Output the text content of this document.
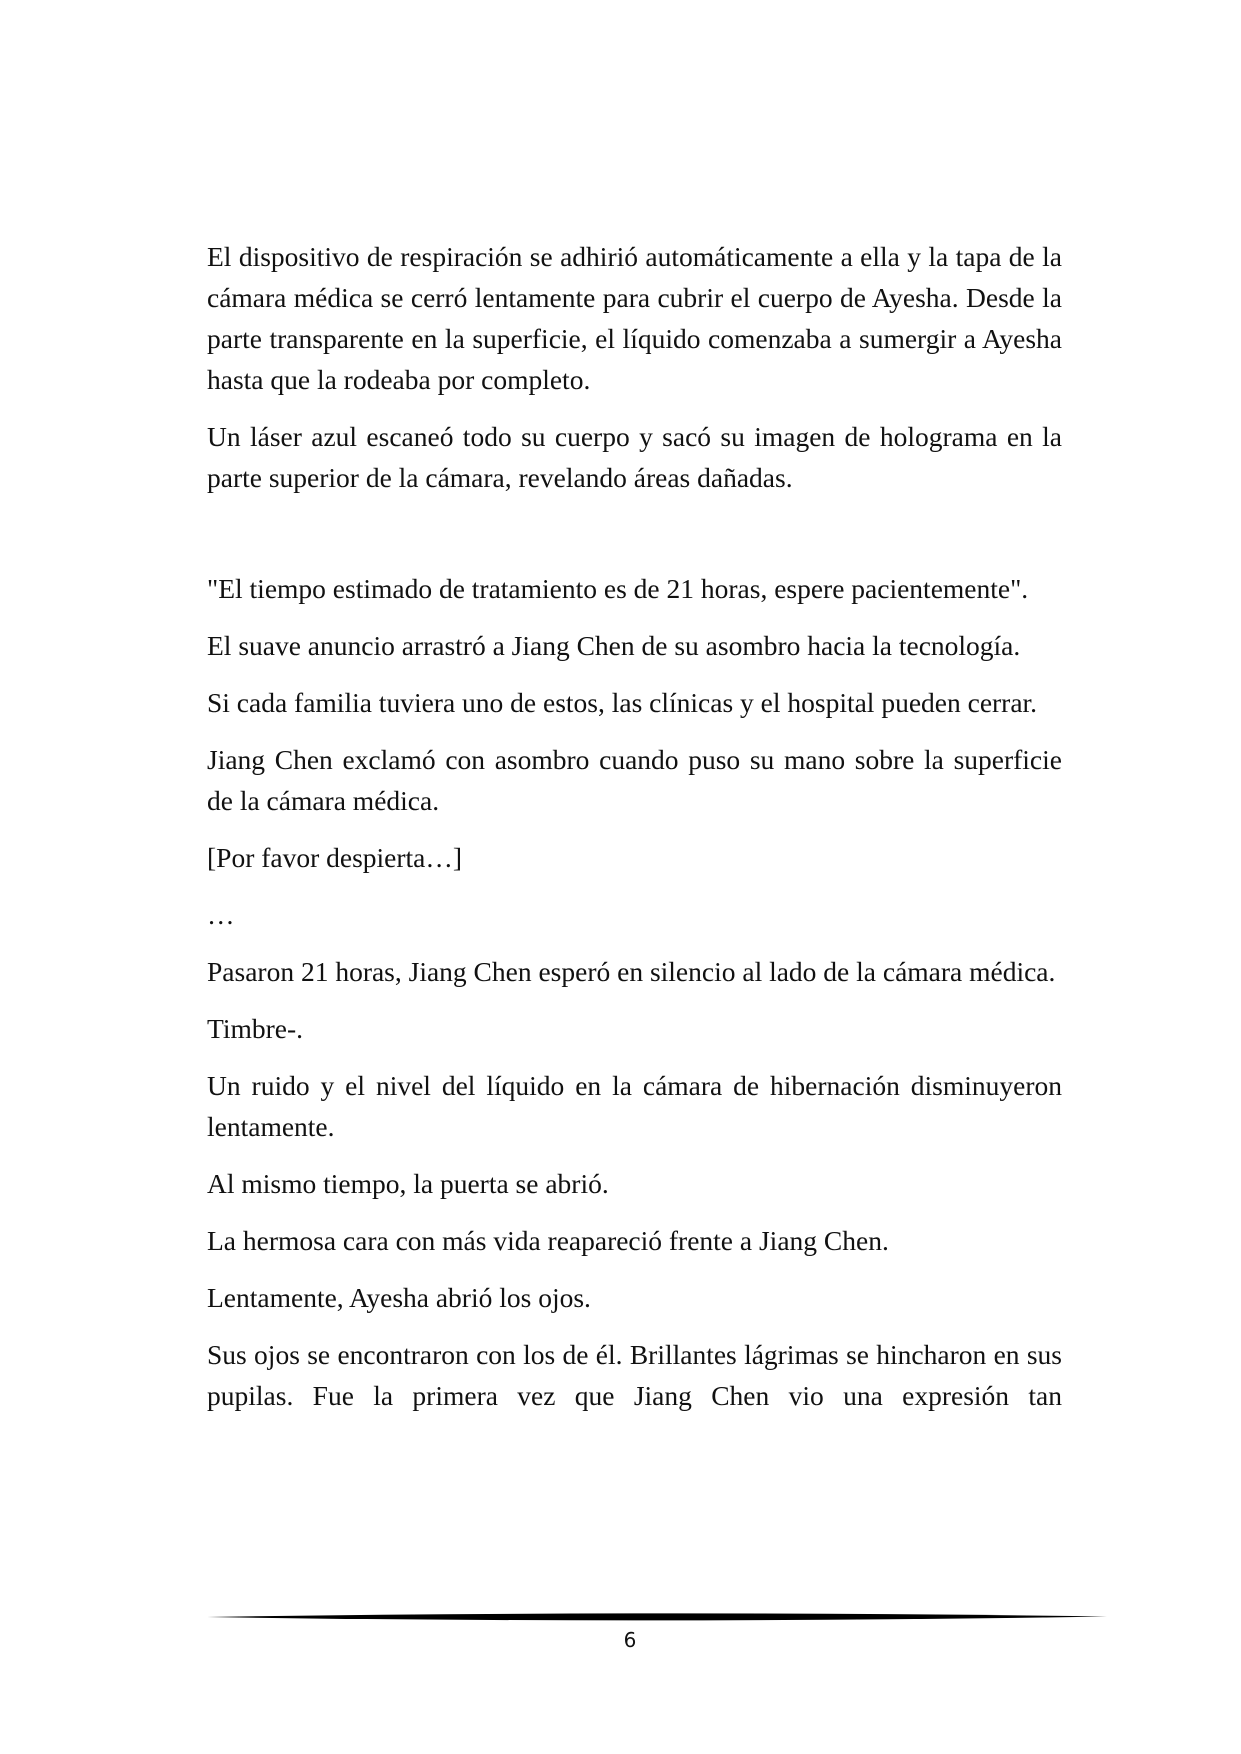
El dispositivo de respiración se adhirió automáticamente a ella y la tapa de la cámara médica se cerró lentamente para cubrir el cuerpo de Ayesha. Desde la parte transparente en la superficie, el líquido comenzaba a sumergir a Ayesha hasta que la rodeaba por completo.

Un láser azul escaneó todo su cuerpo y sacó su imagen de holograma en la parte superior de la cámara, revelando áreas dañadas.

"El tiempo estimado de tratamiento es de 21 horas, espere pacientemente".

El suave anuncio arrastró a Jiang Chen de su asombro hacia la tecnología.

Si cada familia tuviera uno de estos, las clínicas y el hospital pueden cerrar.

Jiang Chen exclamó con asombro cuando puso su mano sobre la superficie de la cámara médica.

[Por favor despierta…]

…

Pasaron 21 horas, Jiang Chen esperó en silencio al lado de la cámara médica.

Timbre-.

Un ruido y el nivel del líquido en la cámara de hibernación disminuyeron lentamente.

Al mismo tiempo, la puerta se abrió.

La hermosa cara con más vida reapareció frente a Jiang Chen.

Lentamente, Ayesha abrió los ojos.

Sus ojos se encontraron con los de él. Brillantes lágrimas se hincharon en sus pupilas. Fue la primera vez que Jiang Chen vio una expresión tan

6
